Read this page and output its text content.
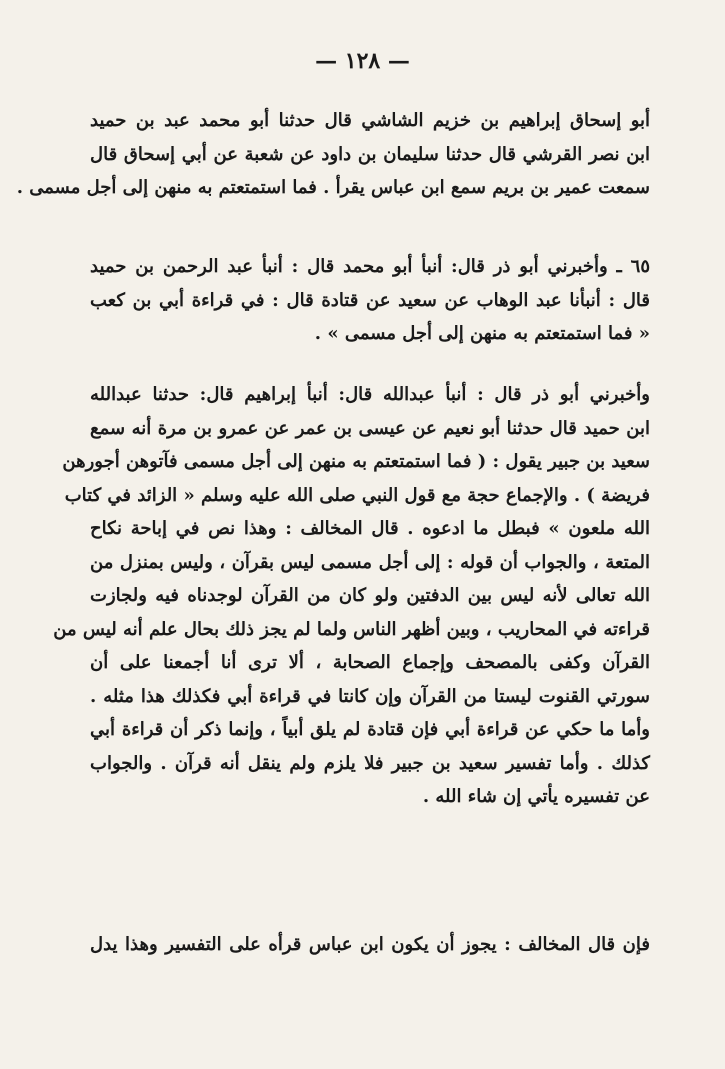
— ١٢٨ —
أبو إسحاق إبراهيم بن خزيم الشاشي قال حدثنا أبو محمد عبد بن حميد
ابن نصر القرشي قال حدثنا سليمان بن داود عن شعبة عن أبي إسحاق قال
سمعت عمير بن بريم سمع ابن عباس يقرأ . فما استمتعتم به منهن إلى أجل مسمى .
٦٥ ـ وأخبرني أبو ذر قال: أنبأ أبو محمد قال : أنبأ عبد الرحمن بن حميد
قال : أنبأنا عبد الوهاب عن سعيد عن قتادة قال : في قراءة أبي بن كعب
« فما استمتعتم به منهن إلى أجل مسمى » .
وأخبرني أبو ذر قال : أنبأ عبدالله قال: أنبأ إبراهيم قال: حدثنا عبدالله
ابن حميد قال حدثنا أبو نعيم عن عيسى بن عمر عن عمرو بن مرة أنه سمع
سعيد بن جبير يقول : ( فما استمتعتم به منهن إلى أجل مسمى فآتوهن أجورهن
فريضة ) . والإجماع حجة مع قول النبي صلى الله عليه وسلم « الزائد في كتاب
الله ملعون » فبطل ما ادعوه . قال المخالف : وهذا نص في إباحة نكاح
المتعة ، والجواب أن قوله : إلى أجل مسمى ليس بقرآن ، وليس بمنزل من
الله تعالى لأنه ليس بين الدفتين ولو كان من القرآن لوجدناه فيه ولجازت
قراءته في المحاريب ، وبين أظهر الناس ولما لم يجز ذلك بحال علم أنه ليس من
القرآن وكفى بالمصحف وإجماع الصحابة ، ألا ترى أنا أجمعنا على أن
سورتي القنوت ليستا من القرآن وإن كانتا في قراءة أبي فكذلك هذا مثله .
وأما ما حكي عن قراءة أبي فإن قتادة لم يلق أبياً ، وإنما ذكر أن قراءة أبي
كذلك . وأما تفسير سعيد بن جبير فلا يلزم ولم ينقل أنه قرآن . والجواب
عن تفسيره يأتي إن شاء الله .
فإن قال المخالف : يجوز أن يكون ابن عباس قرأه على التفسير وهذا يدل
